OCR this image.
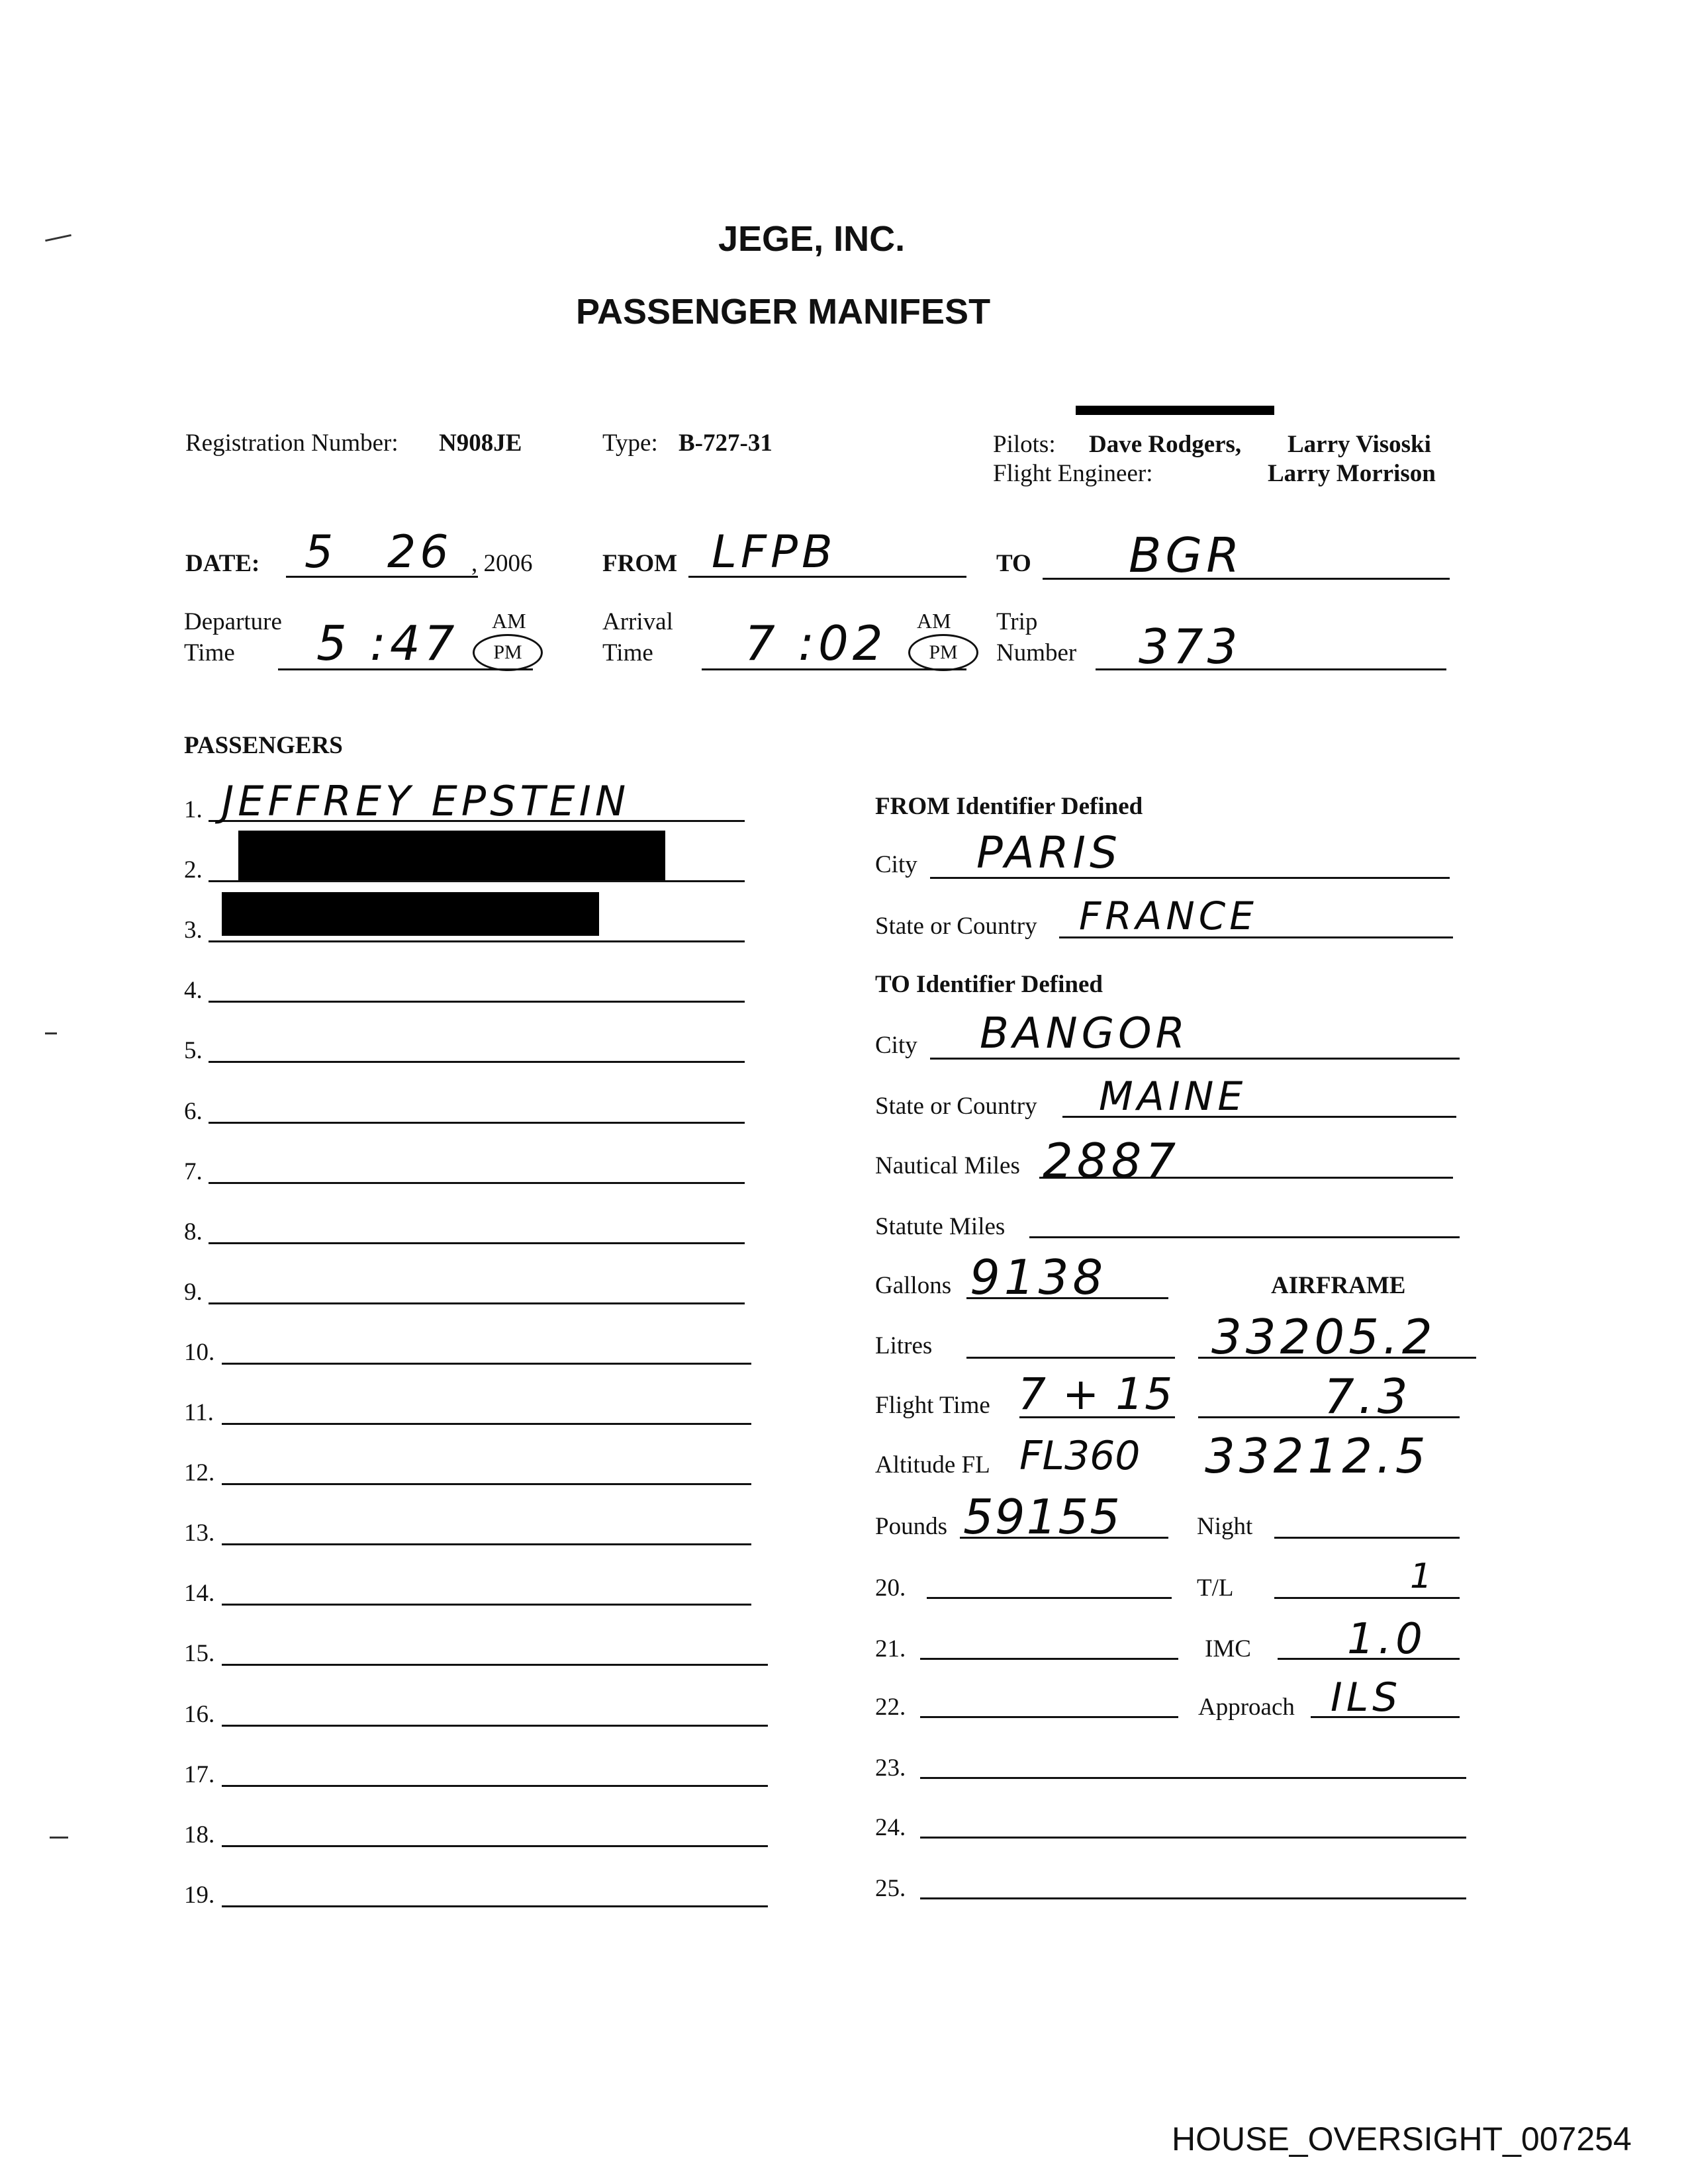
JEGE, INC.
PASSENGER MANIFEST
Registration Number: N908JE	Type: B-727-31	Pilots: Dave Rodgers, Larry Visoski
Flight Engineer:	Larry Morrison
DATE: 5 26 , 2006	FROM LFPB	TO BGR
Departure
Time 5 :47 AM
PM
Arrival
Time 7 :02 AM
PM
Trip
Number 373
PASSENGERS
1. JEFFREY EPSTEIN
2.
3.
4.
5.
6.
7.
8.
9.
10.
11.
12.
13.
14.
15.
16.
17.
18.
19.
FROM Identifier Defined
City PARIS
State or Country FRANCE
TO Identifier Defined
City BANGOR
State or Country MAINE
Nautical Miles 2887
Statute Miles
Gallons 9138	AIRFRAME
Litres	33205.2
Flight Time 7 + 15	7.3
Altitude FL FL360 33212.5
Pounds 59155	Night
20.	T/L	1
21.	IMC 1.0
22.	Approach ILS
23.
24.
25.
HOUSE_OVERSIGHT_007254
